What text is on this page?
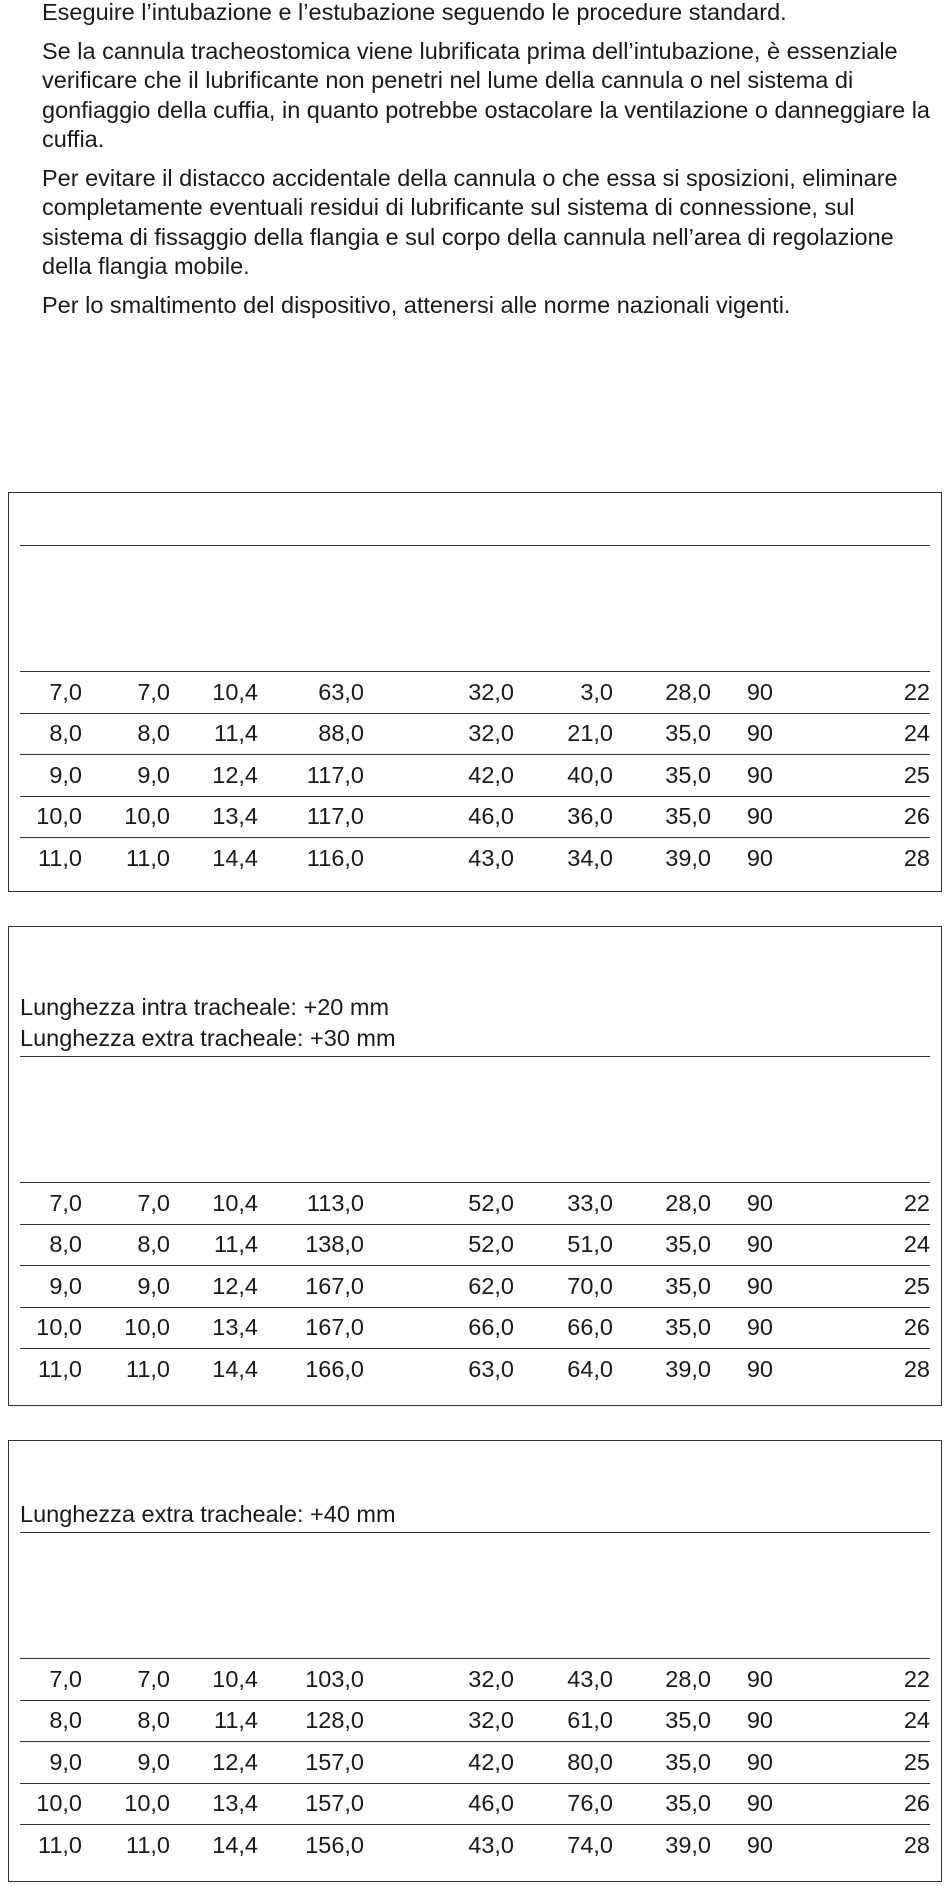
Eseguire l’intubazione e l’estubazione seguendo le procedure standard.

Se la cannula tracheostomica viene lubrificata prima dell’intubazione, è essenziale verificare che il lubrificante non penetri nel lume della cannula o nel sistema di gonfiaggio della cuffia, in quanto potrebbe ostacolare la ventilazione o danneggiare la cuffia.

Per evitare il distacco accidentale della cannula o che essa si sposizioni, eliminare completamente eventuali residui di lubrificante sul sistema di connessione, sul sistema di fissaggio della flangia e sul corpo della cannula nell’area di regolazione della flangia mobile.

Per lo smaltimento del dispositivo, attenersi alle norme nazionali vigenti.

7,0	7,0	10,4	63,0	32,0	3,0	28,0	90	22
8,0	8,0	11,4	88,0	32,0	21,0	35,0	90	24
9,0	9,0	12,4	117,0	42,0	40,0	35,0	90	25
10,0	10,0	13,4	117,0	46,0	36,0	35,0	90	26
11,0	11,0	14,4	116,0	43,0	34,0	39,0	90	28
Lunghezza intra tracheale: +20 mm
Lunghezza extra tracheale: +30 mm
7,0	7,0	10,4	113,0	52,0	33,0	28,0	90	22
8,0	8,0	11,4	138,0	52,0	51,0	35,0	90	24
9,0	9,0	12,4	167,0	62,0	70,0	35,0	90	25
10,0	10,0	13,4	167,0	66,0	66,0	35,0	90	26
11,0	11,0	14,4	166,0	63,0	64,0	39,0	90	28
Lunghezza extra tracheale: +40 mm
7,0	7,0	10,4	103,0	32,0	43,0	28,0	90	22
8,0	8,0	11,4	128,0	32,0	61,0	35,0	90	24
9,0	9,0	12,4	157,0	42,0	80,0	35,0	90	25
10,0	10,0	13,4	157,0	46,0	76,0	35,0	90	26
11,0	11,0	14,4	156,0	43,0	74,0	39,0	90	28
